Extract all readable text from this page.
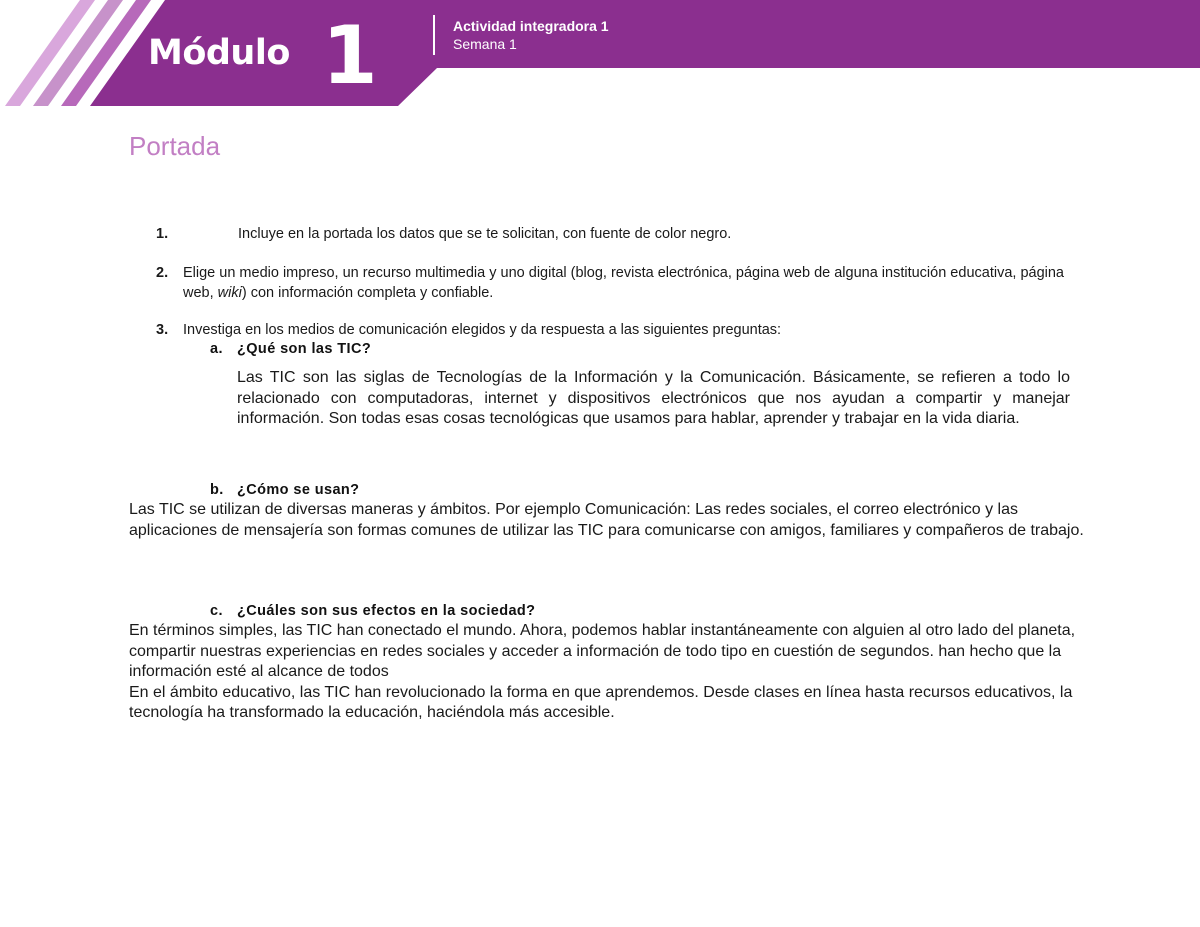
Módulo 1	Actividad integradora 1
Semana 1
Portada
1.	Incluye en la portada los datos que se te solicitan, con fuente de color negro.
2. Elige un medio impreso, un recurso multimedia y uno digital (blog, revista electrónica, página web de alguna institución educativa, página web, wiki) con información completa y confiable.
3. Investiga en los medios de comunicación elegidos y da respuesta a las siguientes preguntas:
a. ¿Qué son las TIC?

Las TIC son las siglas de Tecnologías de la Información y la Comunicación. Básicamente, se refieren a todo lo relacionado con computadoras, internet y dispositivos electrónicos que nos ayudan a compartir y manejar información. Son todas esas cosas tecnológicas que usamos para hablar, aprender y trabajar en la vida diaria.

b. ¿Cómo se usan?

Las TIC se utilizan de diversas maneras y ámbitos. Por ejemplo Comunicación: Las redes sociales, el correo electrónico y las aplicaciones de mensajería son formas comunes de utilizar las TIC para comunicarse con amigos, familiares y compañeros de trabajo.

c. ¿Cuáles son sus efectos en la sociedad?

En términos simples, las TIC han conectado el mundo. Ahora, podemos hablar instantáneamente con alguien al otro lado del planeta, compartir nuestras experiencias en redes sociales y acceder a información de todo tipo en cuestión de segundos. han hecho que la información esté al alcance de todos

En el ámbito educativo, las TIC han revolucionado la forma en que aprendemos. Desde clases en línea hasta recursos educativos, la tecnología ha transformado la educación, haciéndola más accesible.
